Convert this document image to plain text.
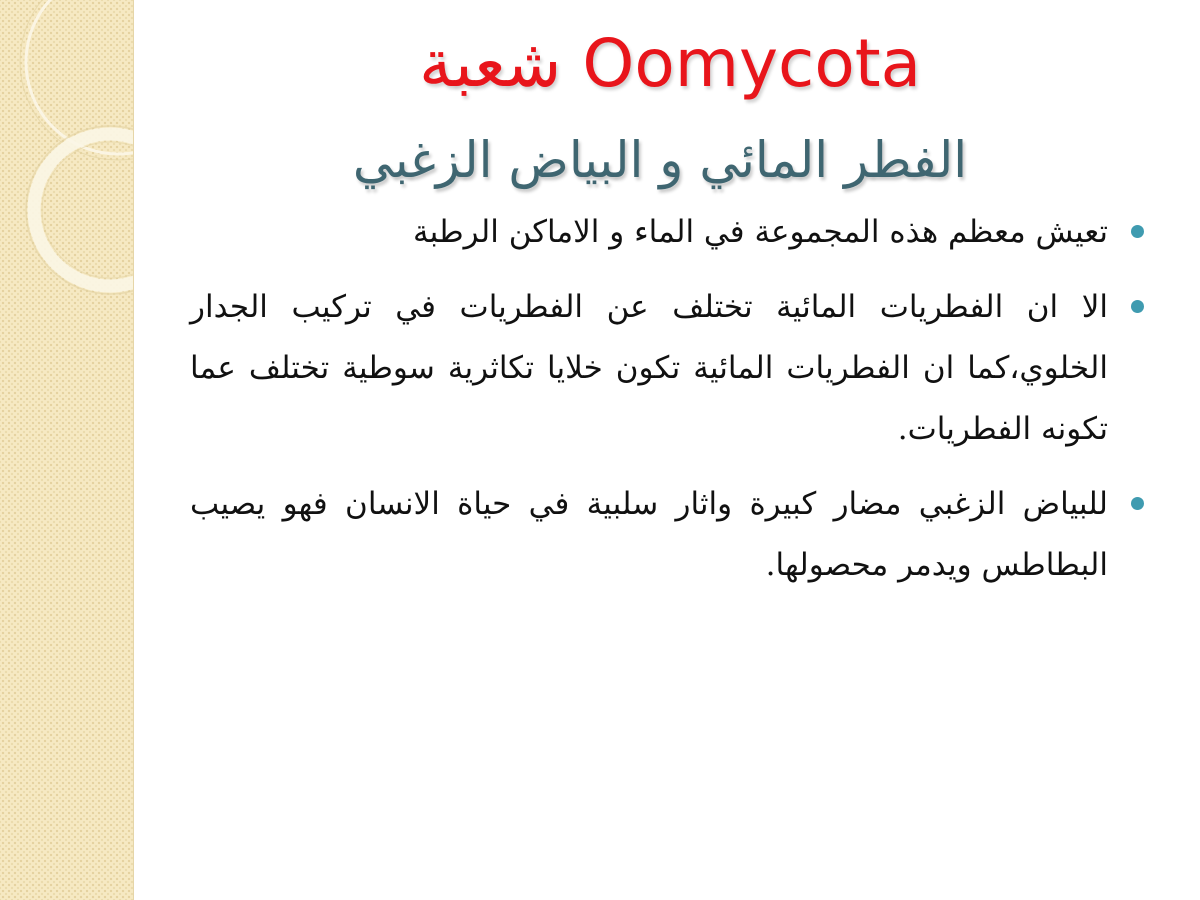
شعبة Oomycota
الفطر المائي و البياض الزغبي
تعيش معظم هذه المجموعة في الماء و الاماكن الرطبة
الا ان الفطريات المائية تختلف عن الفطريات في تركيب الجدار الخلوي،كما ان الفطريات المائية تكون خلايا تكاثرية سوطية تختلف عما تكونه الفطريات.
للبياض الزغبي مضار كبيرة واثار سلبية في حياة الانسان فهو يصيب البطاطس ويدمر محصولها.
